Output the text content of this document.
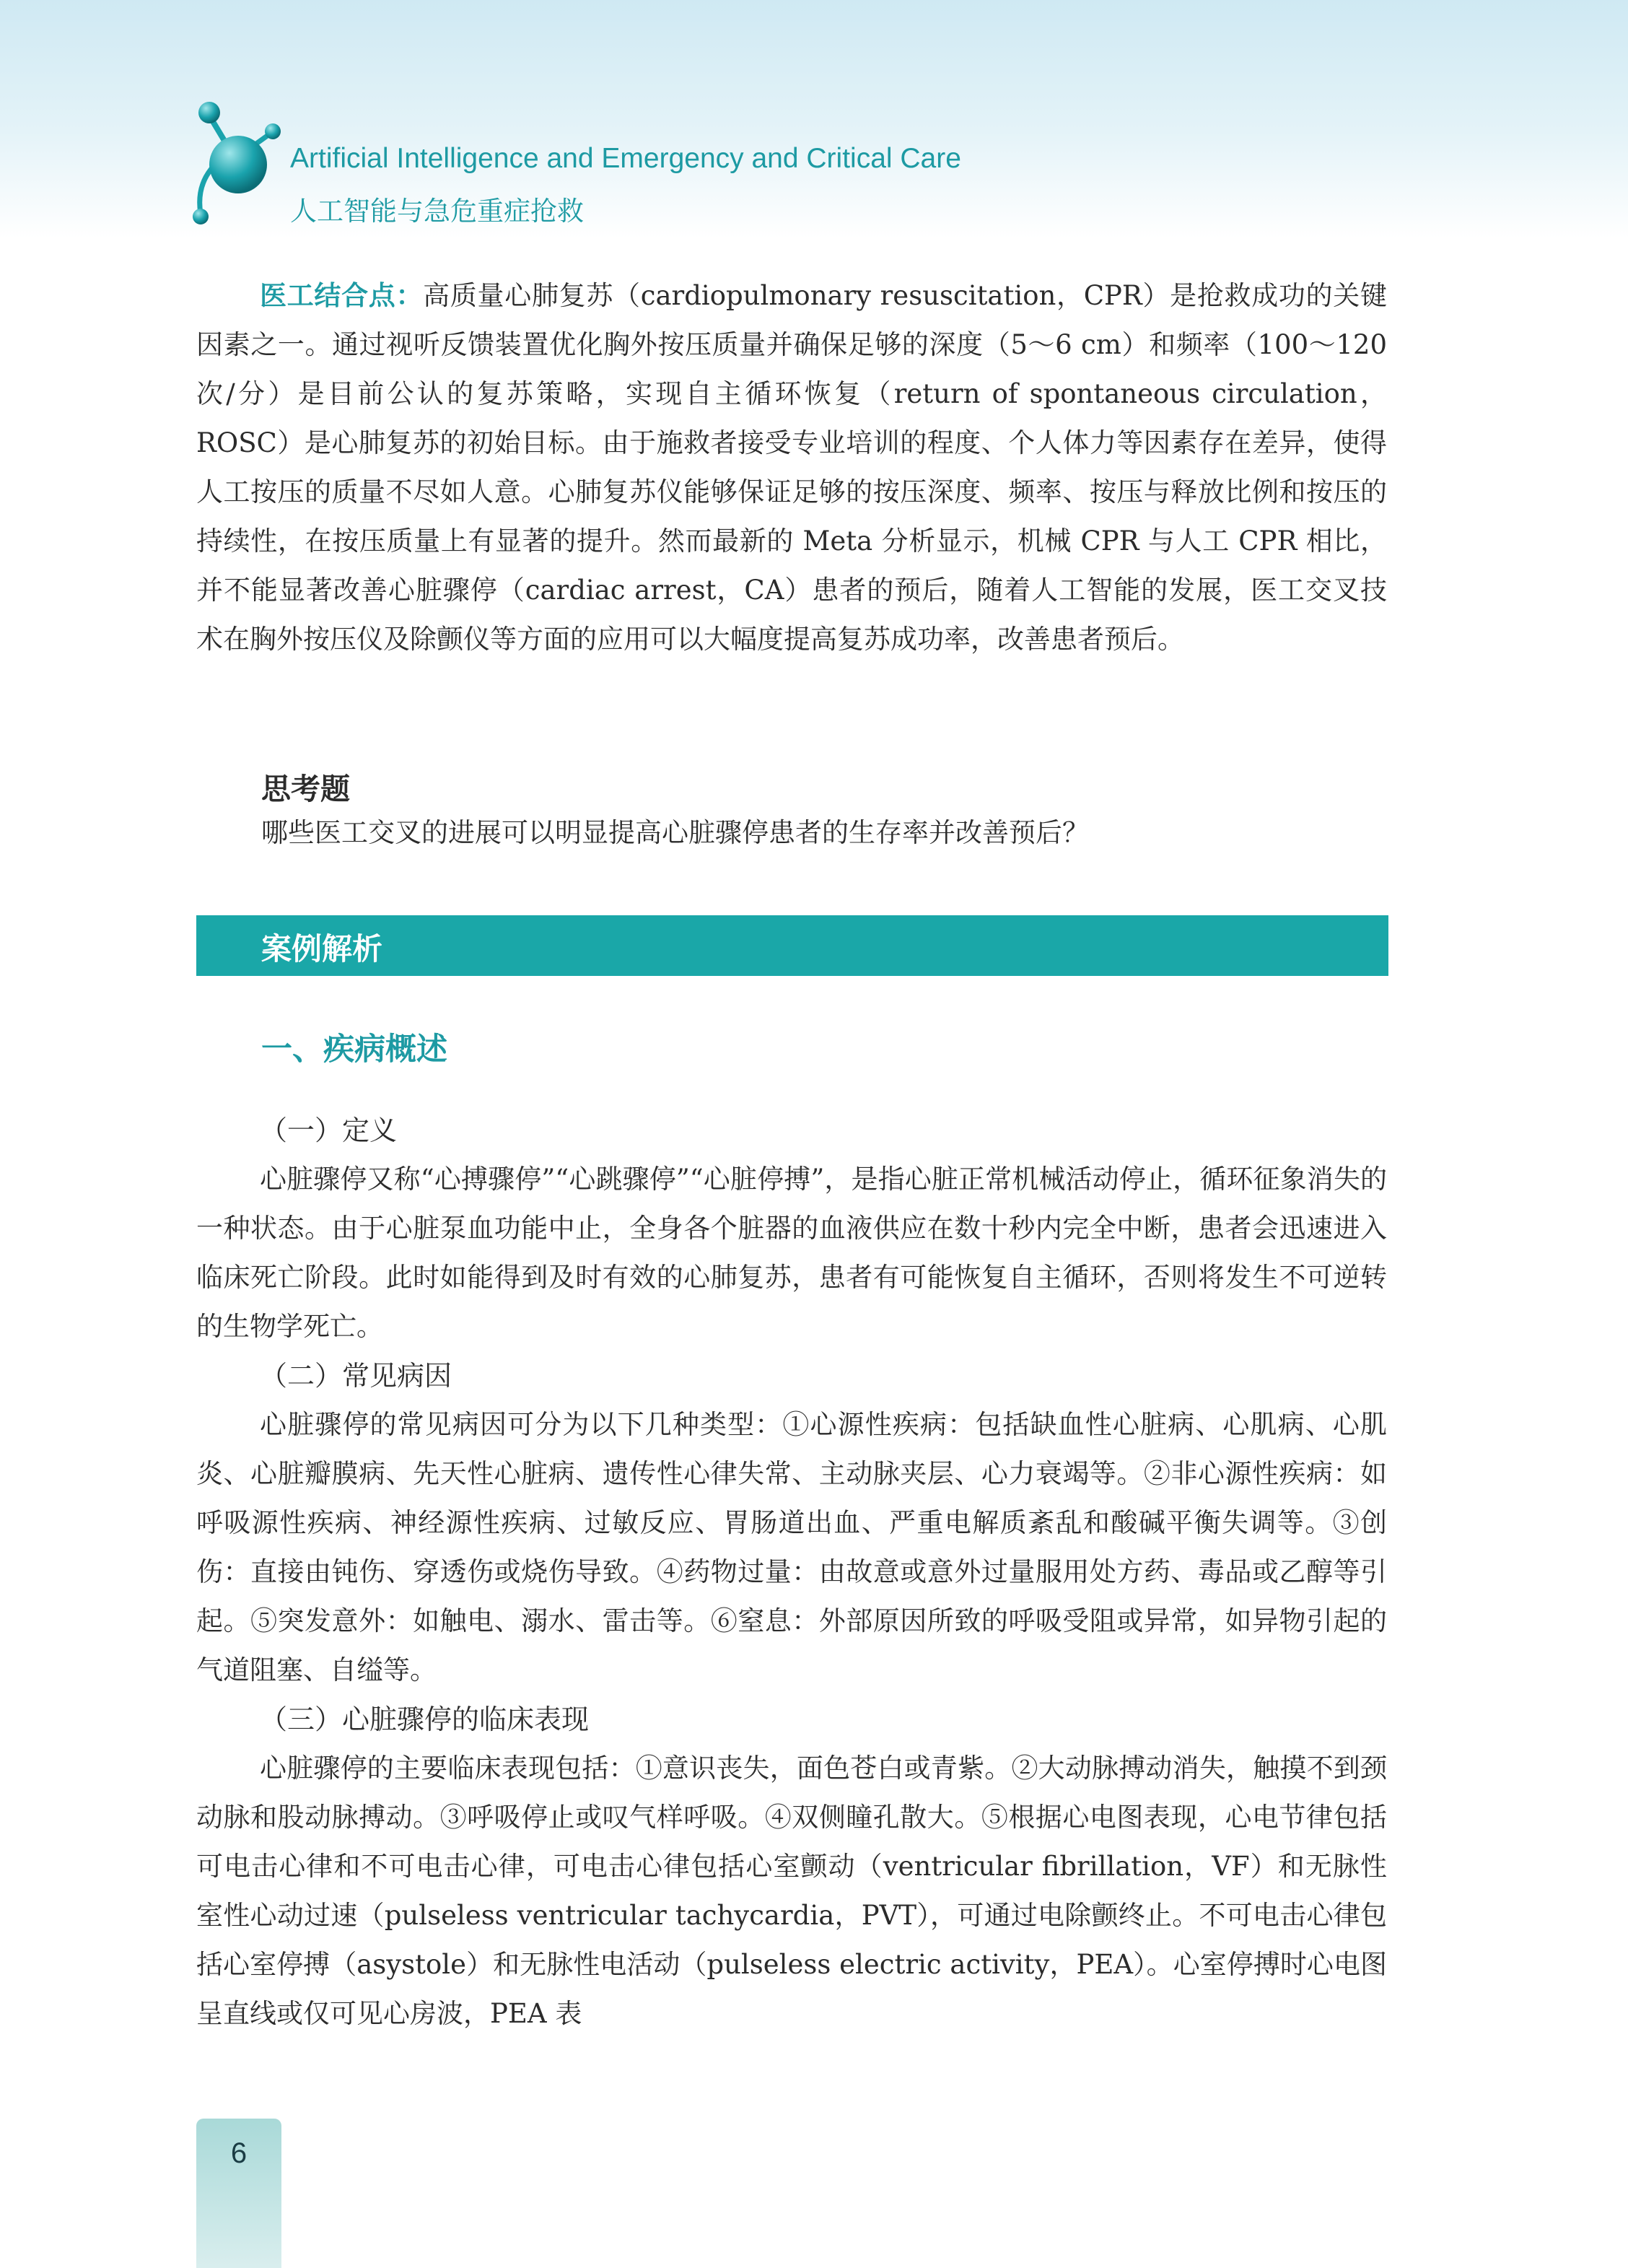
Artificial Intelligence and Emergency and Critical Care
人工智能与急危重症抢救

医工结合点：高质量心肺复苏（cardiopulmonary resuscitation，CPR）是抢救成功的关键因素之一。通过视听反馈装置优化胸外按压质量并确保足够的深度（5～6 cm）和频率（100～120 次/分）是目前公认的复苏策略，实现自主循环恢复（return of spontaneous circulation，ROSC）是心肺复苏的初始目标。由于施救者接受专业培训的程度、个人体力等因素存在差异，使得人工按压的质量不尽如人意。心肺复苏仪能够保证足够的按压深度、频率、按压与释放比例和按压的持续性，在按压质量上有显著的提升。然而最新的 Meta 分析显示，机械 CPR 与人工 CPR 相比，并不能显著改善心脏骤停（cardiac arrest，CA）患者的预后，随着人工智能的发展，医工交叉技术在胸外按压仪及除颤仪等方面的应用可以大幅度提高复苏成功率，改善患者预后。

思考题
哪些医工交叉的进展可以明显提高心脏骤停患者的生存率并改善预后？
案例解析
一、疾病概述

（一）定义

心脏骤停又称“心搏骤停”“心跳骤停”“心脏停搏”，是指心脏正常机械活动停止，循环征象消失的一种状态。由于心脏泵血功能中止，全身各个脏器的血液供应在数十秒内完全中断，患者会迅速进入临床死亡阶段。此时如能得到及时有效的心肺复苏，患者有可能恢复自主循环，否则将发生不可逆转的生物学死亡。

（二）常见病因

心脏骤停的常见病因可分为以下几种类型：①心源性疾病：包括缺血性心脏病、心肌病、心肌炎、心脏瓣膜病、先天性心脏病、遗传性心律失常、主动脉夹层、心力衰竭等。②非心源性疾病：如呼吸源性疾病、神经源性疾病、过敏反应、胃肠道出血、严重电解质紊乱和酸碱平衡失调等。③创伤：直接由钝伤、穿透伤或烧伤导致。④药物过量：由故意或意外过量服用处方药、毒品或乙醇等引起。⑤突发意外：如触电、溺水、雷击等。⑥窒息：外部原因所致的呼吸受阻或异常，如异物引起的气道阻塞、自缢等。

（三）心脏骤停的临床表现

心脏骤停的主要临床表现包括：①意识丧失，面色苍白或青紫。②大动脉搏动消失，触摸不到颈动脉和股动脉搏动。③呼吸停止或叹气样呼吸。④双侧瞳孔散大。⑤根据心电图表现，心电节律包括可电击心律和不可电击心律，可电击心律包括心室颤动（ventricular fibrillation，VF）和无脉性室性心动过速（pulseless ventricular tachycardia，PVT），可通过电除颤终止。不可电击心律包括心室停搏（asystole）和无脉性电活动（pulseless electric activity，PEA）。心室停搏时心电图呈直线或仅可见心房波，PEA 表

6
